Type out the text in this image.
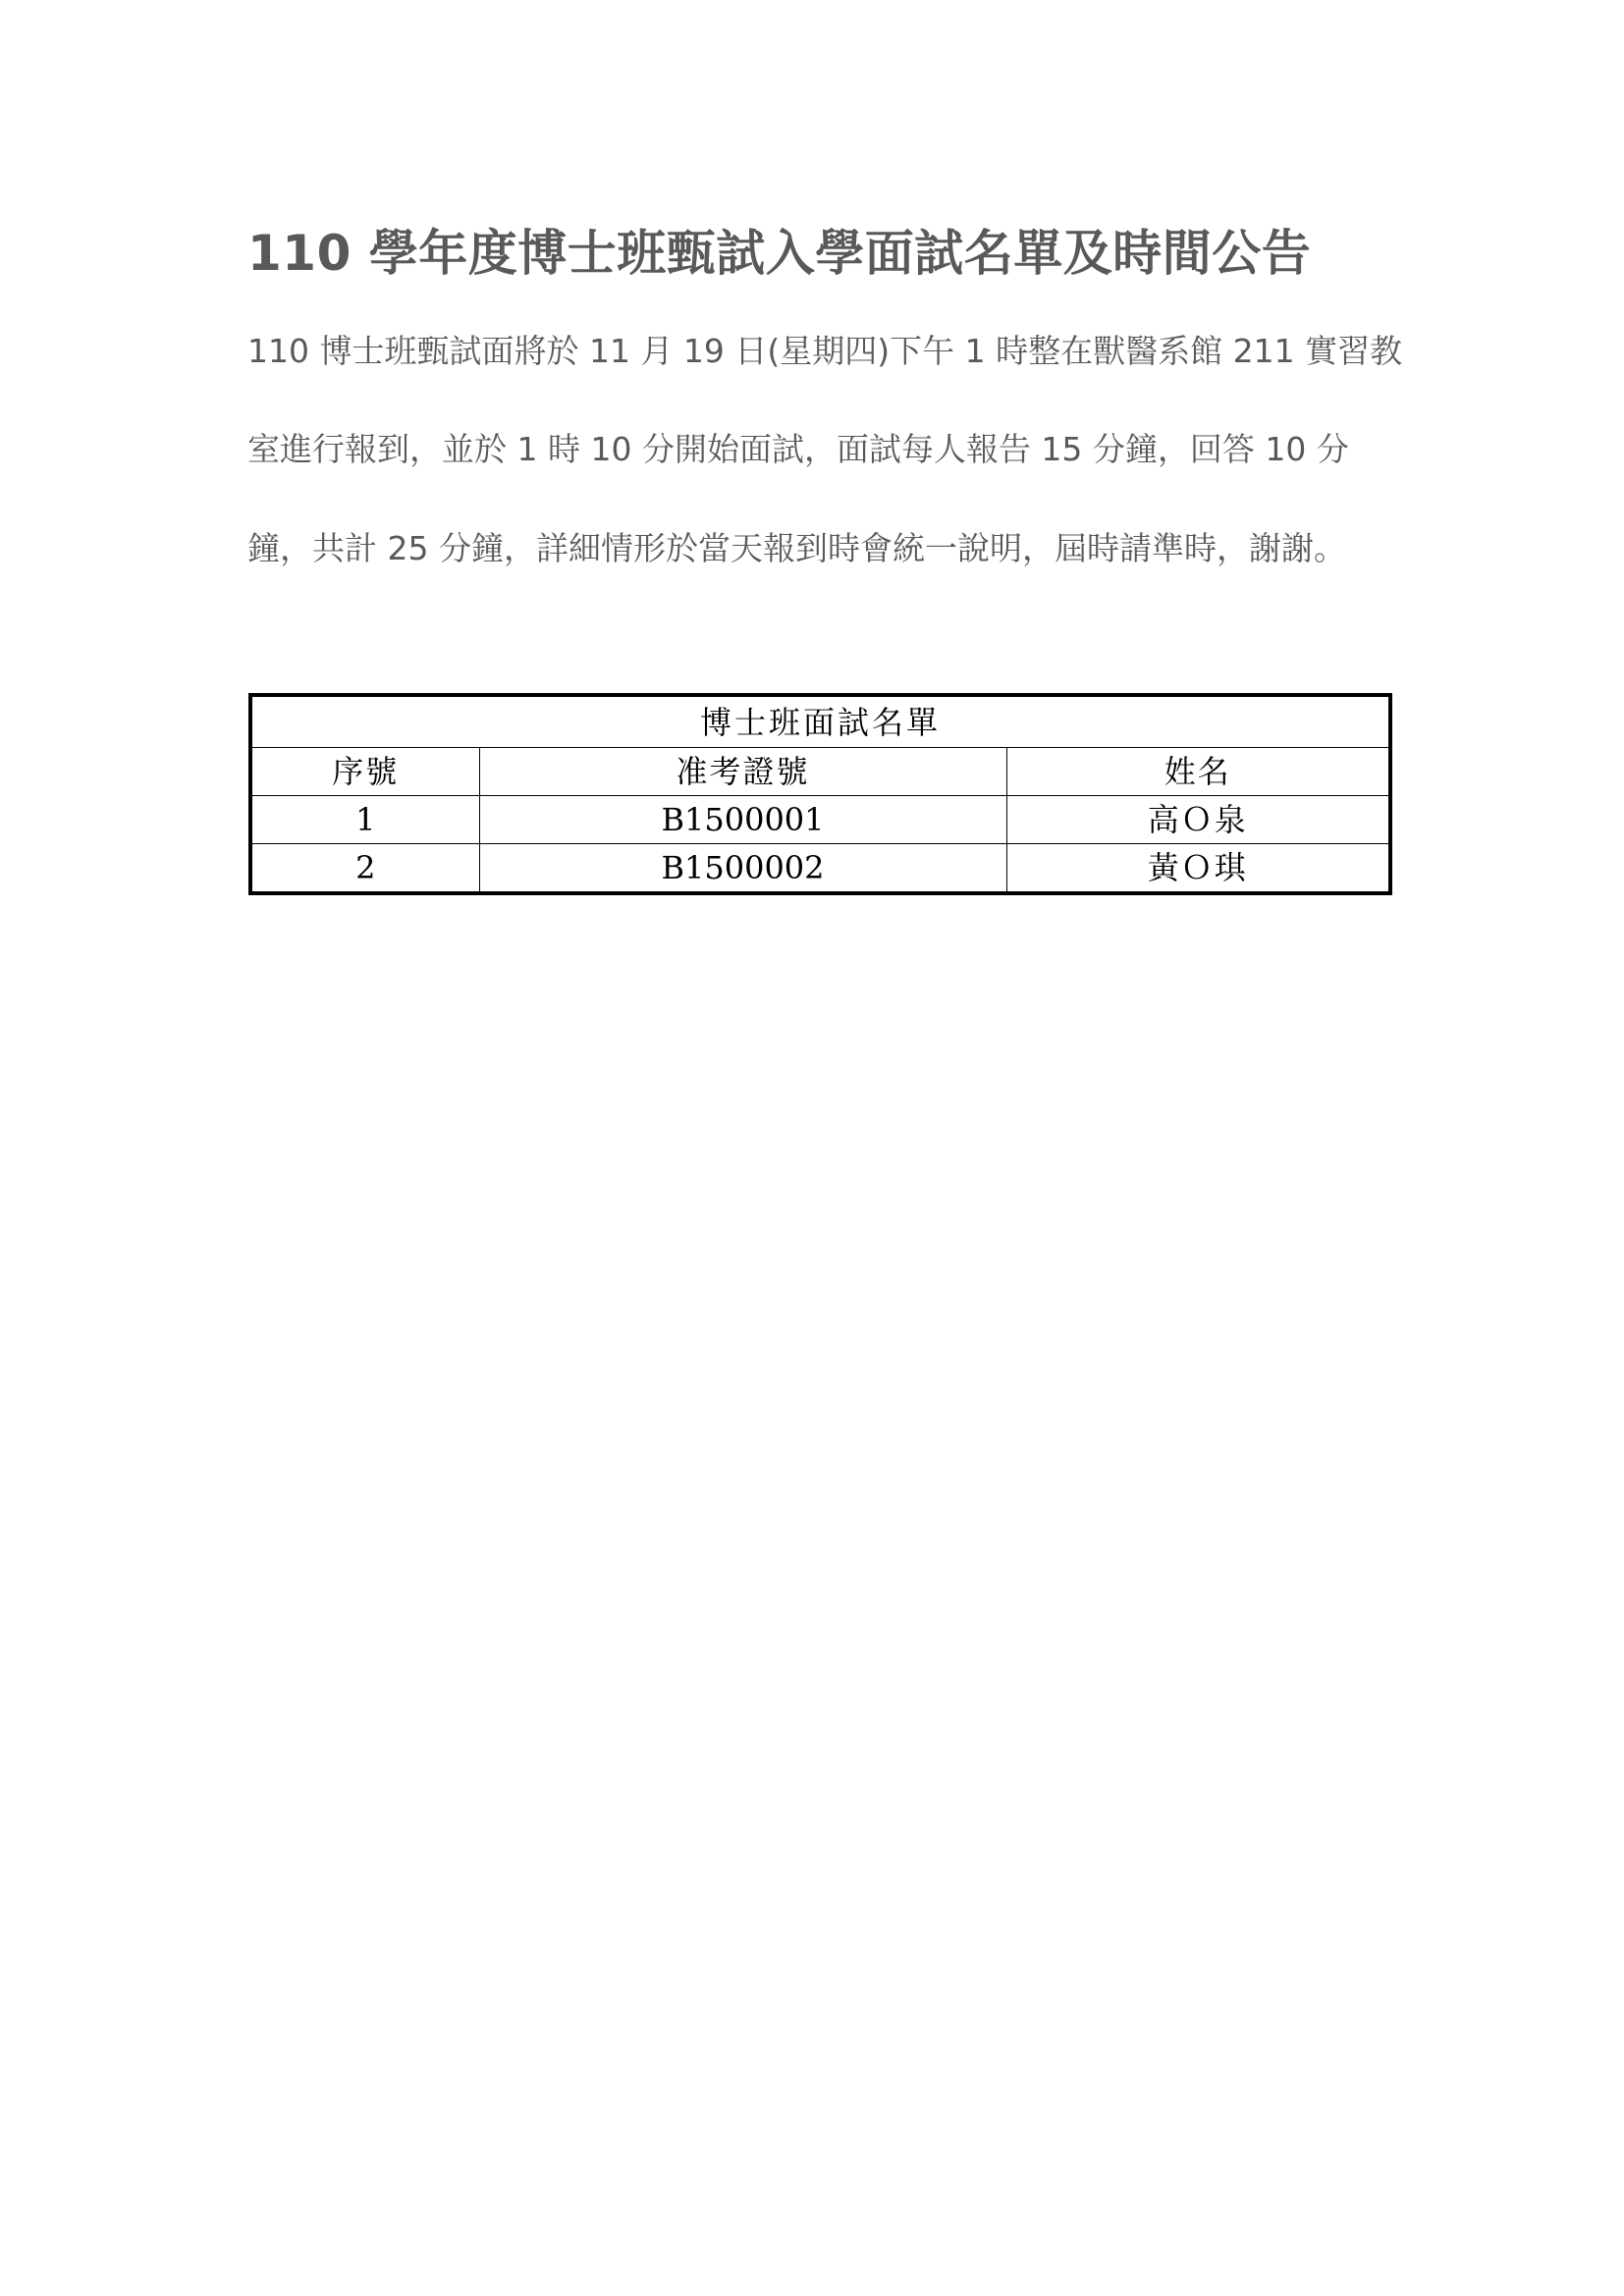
110 學年度博士班甄試入學面試名單及時間公告

110 博士班甄試面將於 11 月 19 日(星期四)下午 1 時整在獸醫系館 211 實習教

室進行報到，並於 1 時 10 分開始面試，面試每人報告 15 分鐘，回答 10 分

鐘，共計 25 分鐘，詳細情形於當天報到時會統一說明，屆時請準時，謝謝。

博士班面試名單		
序號	准考證號	姓名
1	B1500001	高Ｏ泉
2	B1500002	黃Ｏ琪
